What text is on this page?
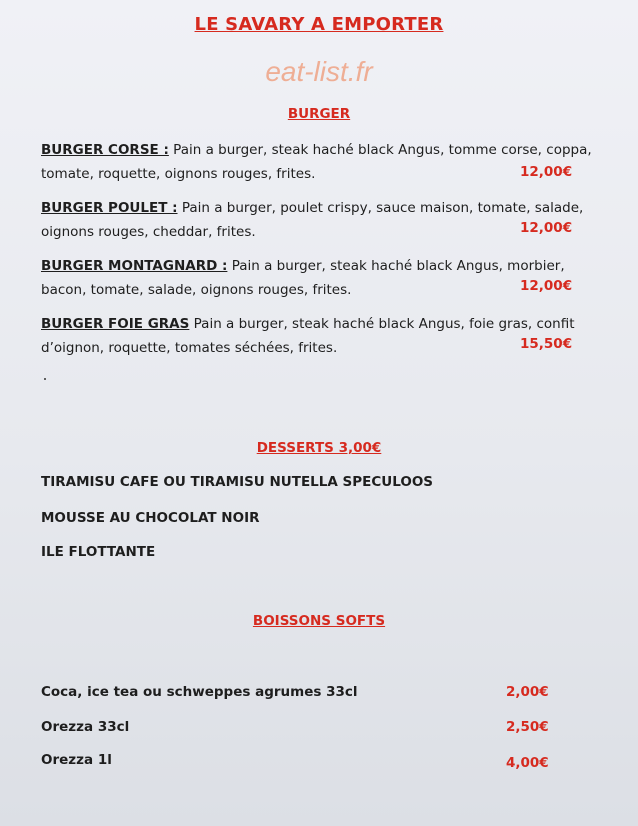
LE SAVARY A EMPORTER
eat-list.fr
BURGER
BURGER CORSE : Pain a burger, steak haché black Angus, tomme corse, coppa, tomate, roquette, oignons rouges, frites.	12,00€
BURGER POULET : Pain a burger, poulet crispy, sauce maison, tomate, salade, oignons rouges, cheddar, frites.	12,00€
BURGER MONTAGNARD : Pain a burger, steak haché black Angus, morbier, bacon, tomate, salade, oignons rouges, frites.	12,00€
BURGER FOIE GRAS Pain a burger, steak haché black Angus, foie gras, confit d’oignon, roquette, tomates séchées, frites.	15,50€
DESSERTS 3,00€
TIRAMISU CAFE OU TIRAMISU NUTELLA SPECULOOS
MOUSSE AU CHOCOLAT NOIR
ILE FLOTTANTE
BOISSONS SOFTS
Coca, ice tea ou schweppes agrumes 33cl	2,00€
Orezza 33cl	2,50€
Orezza 1l	4,00€
